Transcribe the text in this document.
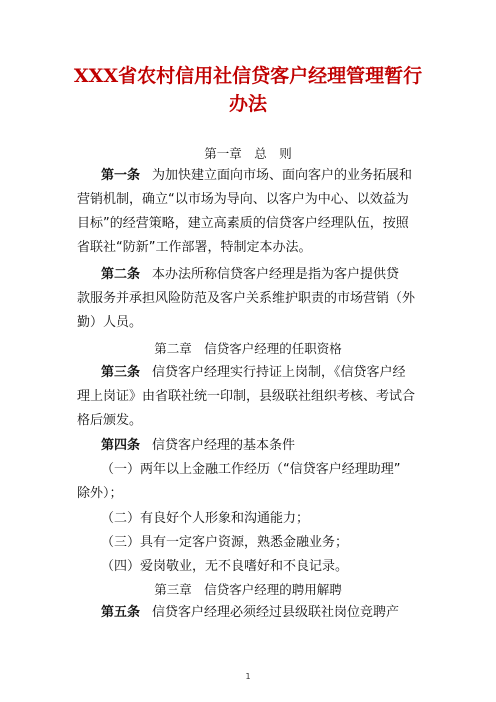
XXX省农村信用社信贷客户经理管理暂行
办法

第一章　总　则

第一条 为加快建立面向市场、面向客户的业务拓展和

营销机制，确立“以市场为导向、以客户为中心、以效益为

目标”的经营策略，建立高素质的信贷客户经理队伍，按照

省联社“防新”工作部署，特制定本办法。

第二条 本办法所称信贷客户经理是指为客户提供贷

款服务并承担风险防范及客户关系维护职责的市场营销（外

勤）人员。

第二章　信贷客户经理的任职资格

第三条 信贷客户经理实行持证上岗制，《信贷客户经

理上岗证》由省联社统一印制，县级联社组织考核、考试合

格后颁发。

第四条 信贷客户经理的基本条件

（一）两年以上金融工作经历（“信贷客户经理助理”

除外）；

（二）有良好个人形象和沟通能力；

（三）具有一定客户资源，熟悉金融业务；

（四）爱岗敬业，无不良嗜好和不良记录。

第三章　信贷客户经理的聘用解聘

第五条 信贷客户经理必须经过县级联社岗位竞聘产

1
